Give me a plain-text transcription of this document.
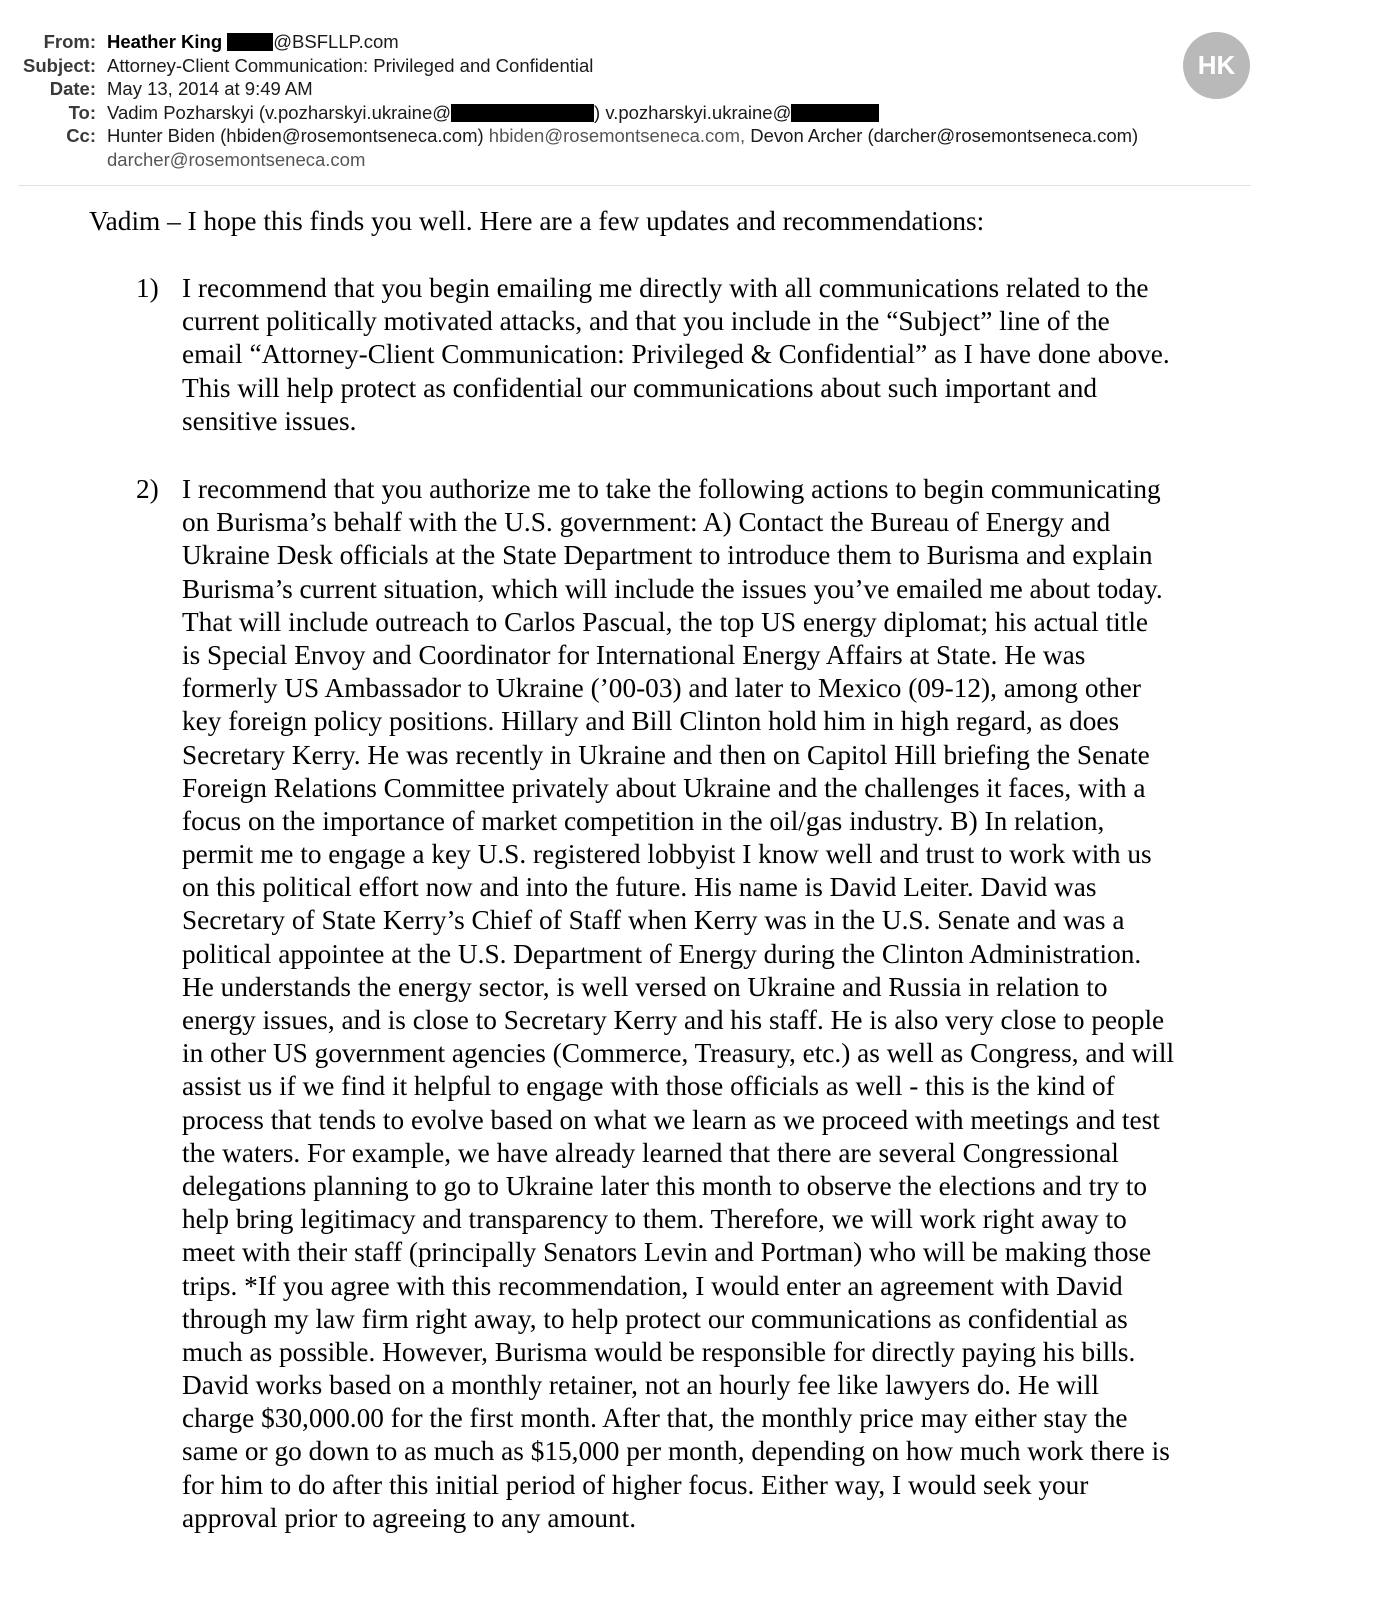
From: Heather King	@BSFLLP.com
Subject: Attorney-Client Communication: Privileged and Confidential
Date: May 13, 2014 at 9:49 AM
To: Vadim Pozharskyi (v.pozharskyi.ukraine@	) v.pozharskyi.ukraine@
Cc: Hunter Biden (hbiden@rosemontseneca.com) hbiden@rosemontseneca.com, Devon Archer (darcher@rosemontseneca.com)
darcher@rosemontseneca.com
HK
Vadim – I hope this finds you well. Here are a few updates and recommendations:
1) I recommend that you begin emailing me directly with all communications related to the
current politically motivated attacks, and that you include in the “Subject” line of the
email “Attorney-Client Communication: Privileged & Confidential” as I have done above.
This will help protect as confidential our communications about such important and
sensitive issues.
2) I recommend that you authorize me to take the following actions to begin communicating
on Burisma’s behalf with the U.S. government: A) Contact the Bureau of Energy and
Ukraine Desk officials at the State Department to introduce them to Burisma and explain
Burisma’s current situation, which will include the issues you’ve emailed me about today.
That will include outreach to Carlos Pascual, the top US energy diplomat; his actual title
is Special Envoy and Coordinator for International Energy Affairs at State. He was
formerly US Ambassador to Ukraine (’00-03) and later to Mexico (09-12), among other
key foreign policy positions. Hillary and Bill Clinton hold him in high regard, as does
Secretary Kerry. He was recently in Ukraine and then on Capitol Hill briefing the Senate
Foreign Relations Committee privately about Ukraine and the challenges it faces, with a
focus on the importance of market competition in the oil/gas industry. B) In relation,
permit me to engage a key U.S. registered lobbyist I know well and trust to work with us
on this political effort now and into the future. His name is David Leiter. David was
Secretary of State Kerry’s Chief of Staff when Kerry was in the U.S. Senate and was a
political appointee at the U.S. Department of Energy during the Clinton Administration.
He understands the energy sector, is well versed on Ukraine and Russia in relation to
energy issues, and is close to Secretary Kerry and his staff. He is also very close to people
in other US government agencies (Commerce, Treasury, etc.) as well as Congress, and will
assist us if we find it helpful to engage with those officials as well - this is the kind of
process that tends to evolve based on what we learn as we proceed with meetings and test
the waters. For example, we have already learned that there are several Congressional
delegations planning to go to Ukraine later this month to observe the elections and try to
help bring legitimacy and transparency to them. Therefore, we will work right away to
meet with their staff (principally Senators Levin and Portman) who will be making those
trips. *If you agree with this recommendation, I would enter an agreement with David
through my law firm right away, to help protect our communications as confidential as
much as possible. However, Burisma would be responsible for directly paying his bills.
David works based on a monthly retainer, not an hourly fee like lawyers do. He will
charge $30,000.00 for the first month. After that, the monthly price may either stay the
same or go down to as much as $15,000 per month, depending on how much work there is
for him to do after this initial period of higher focus. Either way, I would seek your
approval prior to agreeing to any amount.
